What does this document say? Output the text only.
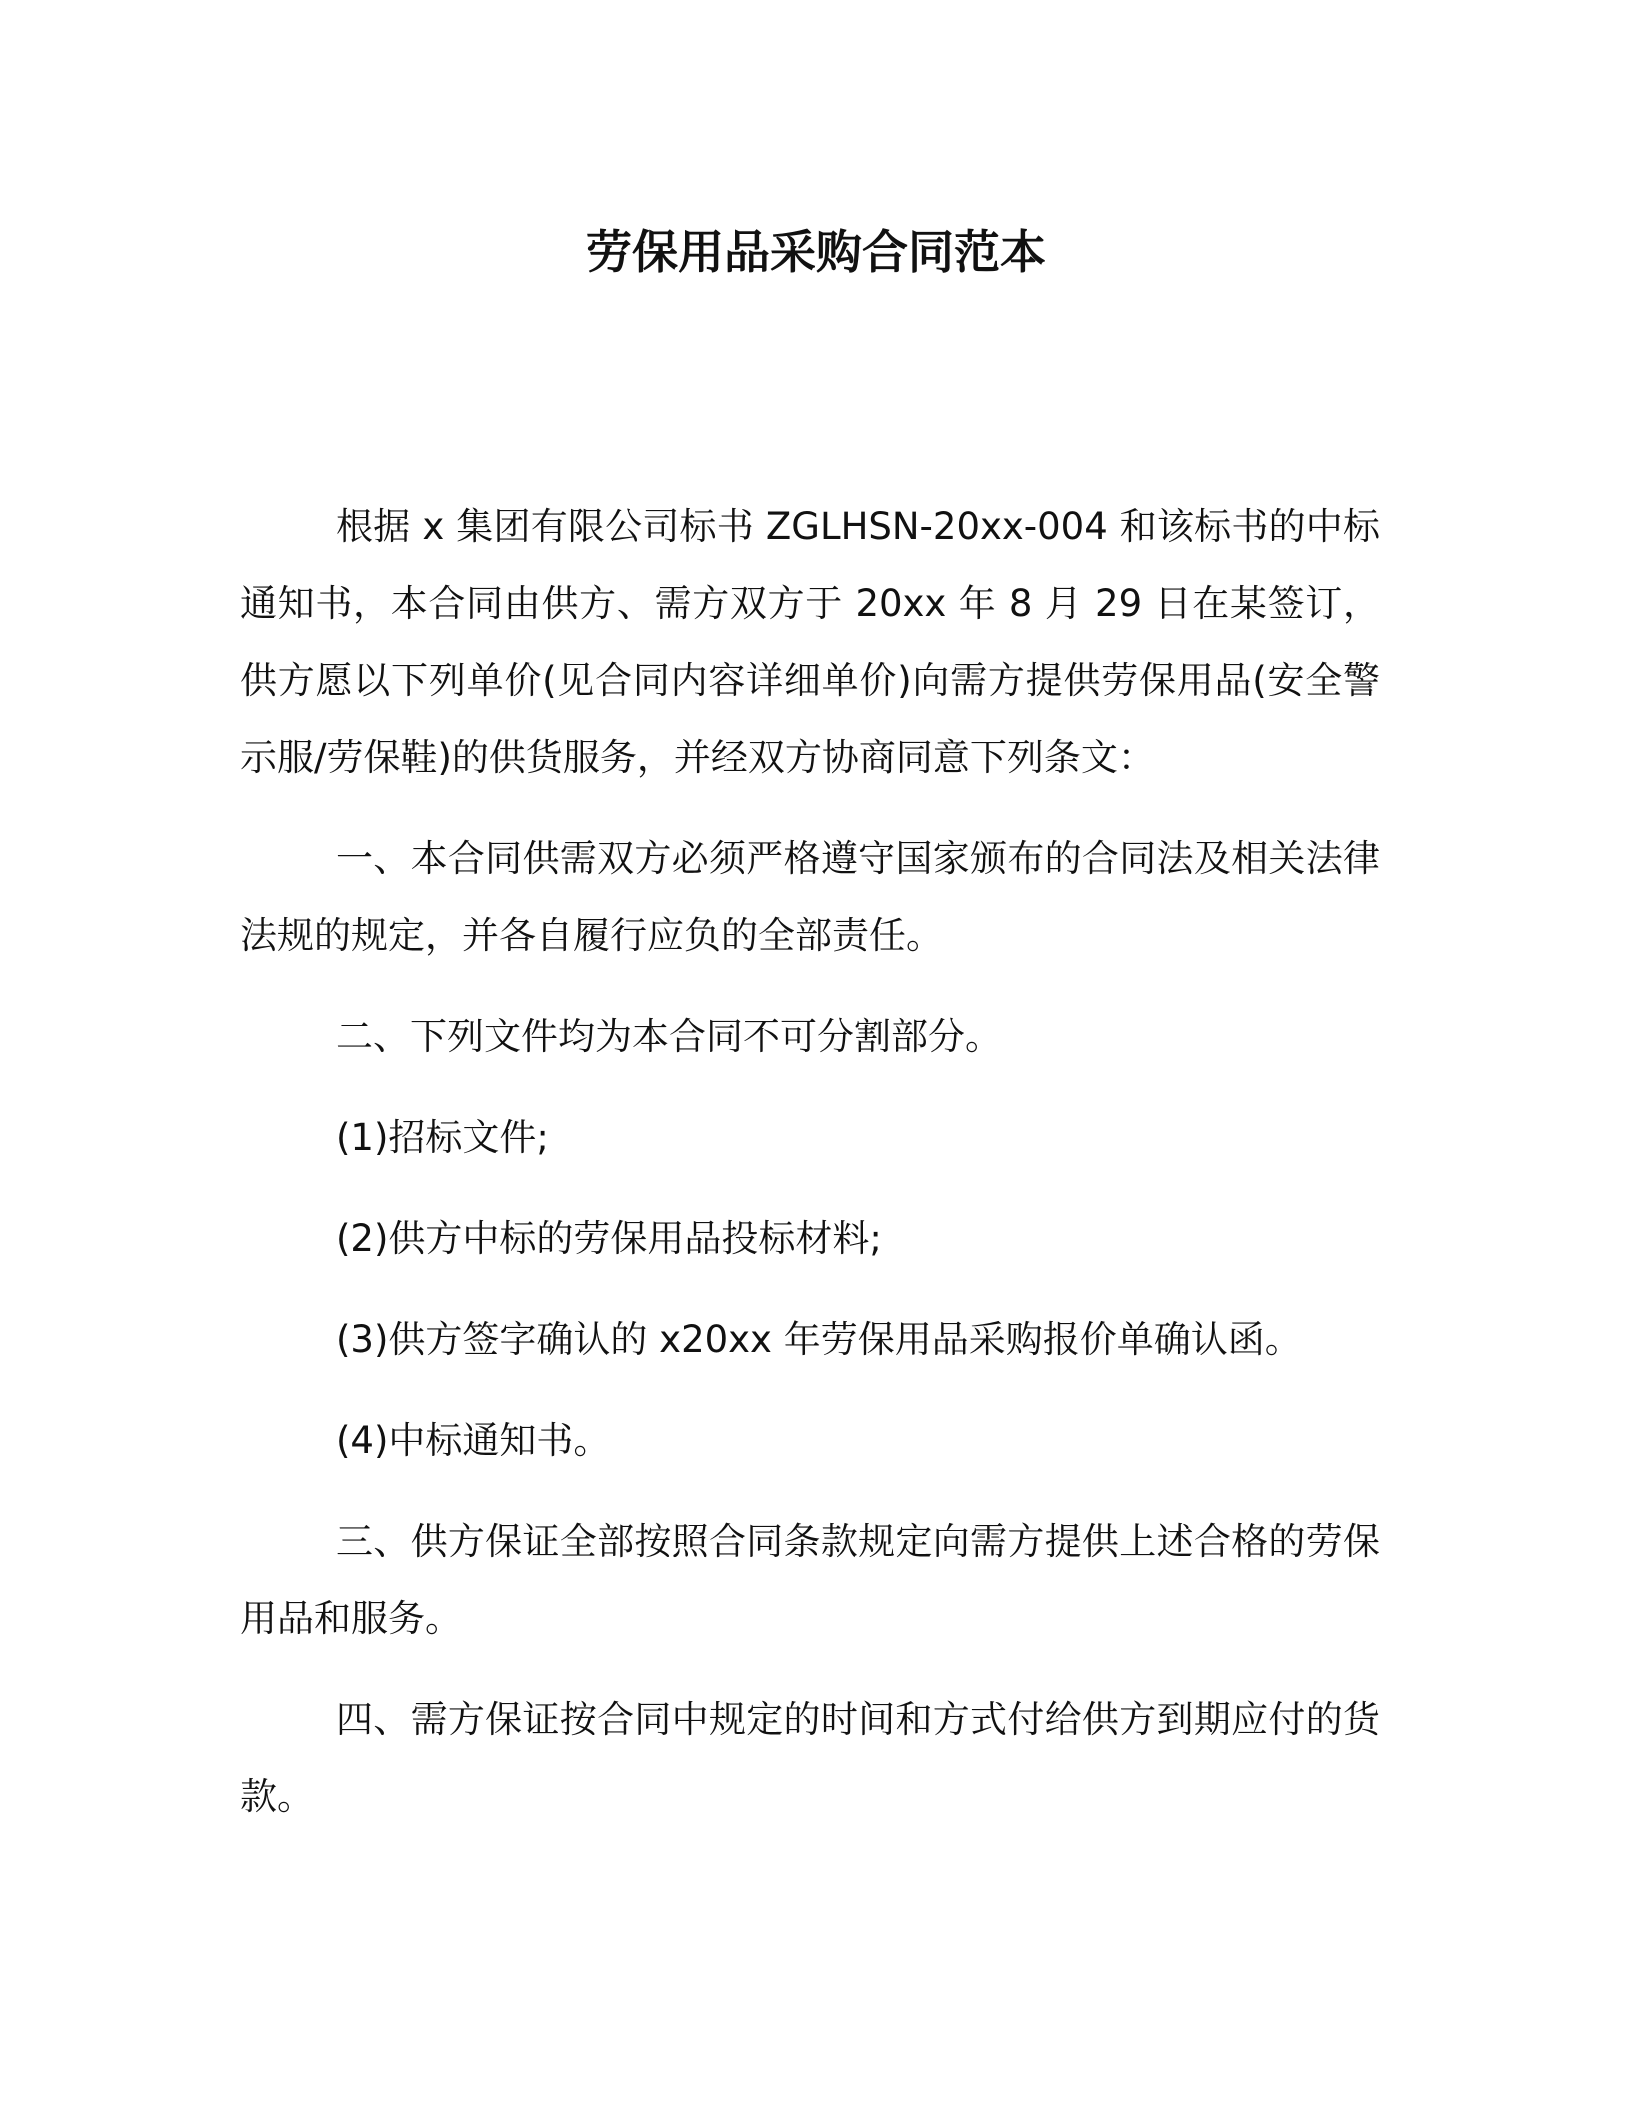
劳保用品采购合同范本

根据 x 集团有限公司标书 ZGLHSN-20xx-004 和该标书的中标通知书，本合同由供方、需方双方于 20xx 年 8 月 29 日在某签订，供方愿以下列单价(见合同内容详细单价)向需方提供劳保用品(安全警示服/劳保鞋)的供货服务，并经双方协商同意下列条文：

一、本合同供需双方必须严格遵守国家颁布的合同法及相关法律法规的规定，并各自履行应负的全部责任。

二、下列文件均为本合同不可分割部分。

(1)招标文件;

(2)供方中标的劳保用品投标材料;

(3)供方签字确认的 x20xx 年劳保用品采购报价单确认函。

(4)中标通知书。

三、供方保证全部按照合同条款规定向需方提供上述合格的劳保用品和服务。

四、需方保证按合同中规定的时间和方式付给供方到期应付的货款。
